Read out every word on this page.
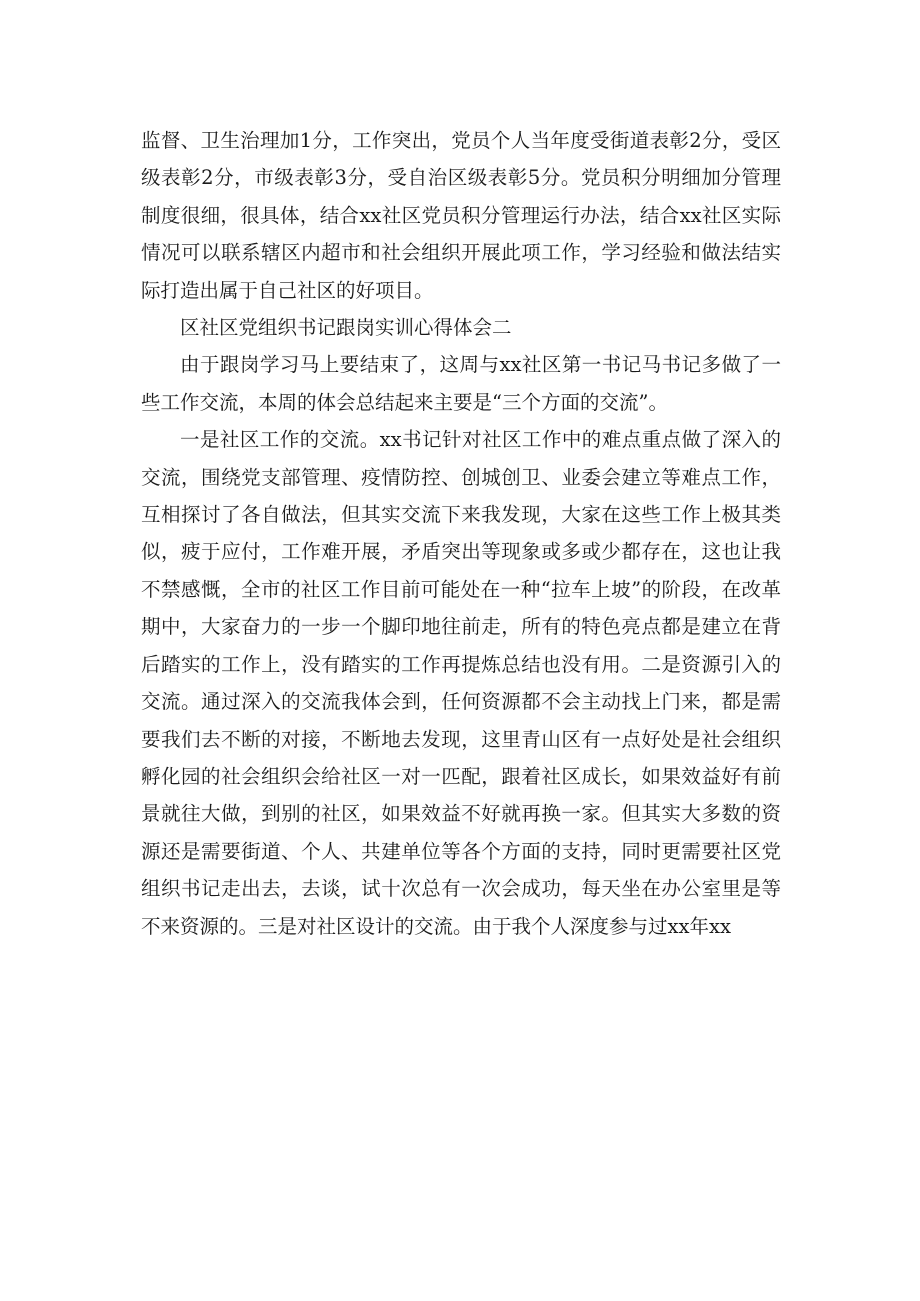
监督、卫生治理加1分，工作突出，党员个人当年度受街道表彰2分，受区级表彰2分，市级表彰3分，受自治区级表彰5分。党员积分明细加分管理制度很细，很具体，结合xx社区党员积分管理运行办法，结合xx社区实际情况可以联系辖区内超市和社会组织开展此项工作，学习经验和做法结实际打造出属于自己社区的好项目。

区社区党组织书记跟岗实训心得体会二

由于跟岗学习马上要结束了，这周与xx社区第一书记马书记多做了一些工作交流，本周的体会总结起来主要是“三个方面的交流”。

一是社区工作的交流。xx书记针对社区工作中的难点重点做了深入的交流，围绕党支部管理、疫情防控、创城创卫、业委会建立等难点工作，互相探讨了各自做法，但其实交流下来我发现，大家在这些工作上极其类似，疲于应付，工作难开展，矛盾突出等现象或多或少都存在，这也让我不禁感慨，全市的社区工作目前可能处在一种“拉车上坡”的阶段，在改革期中，大家奋力的一步一个脚印地往前走，所有的特色亮点都是建立在背后踏实的工作上，没有踏实的工作再提炼总结也没有用。二是资源引入的交流。通过深入的交流我体会到，任何资源都不会主动找上门来，都是需要我们去不断的对接，不断地去发现，这里青山区有一点好处是社会组织孵化园的社会组织会给社区一对一匹配，跟着社区成长，如果效益好有前景就往大做，到别的社区，如果效益不好就再换一家。但其实大多数的资源还是需要街道、个人、共建单位等各个方面的支持，同时更需要社区党组织书记走出去，去谈，试十次总有一次会成功，每天坐在办公室里是等不来资源的。三是对社区设计的交流。由于我个人深度参与过xx年xx
